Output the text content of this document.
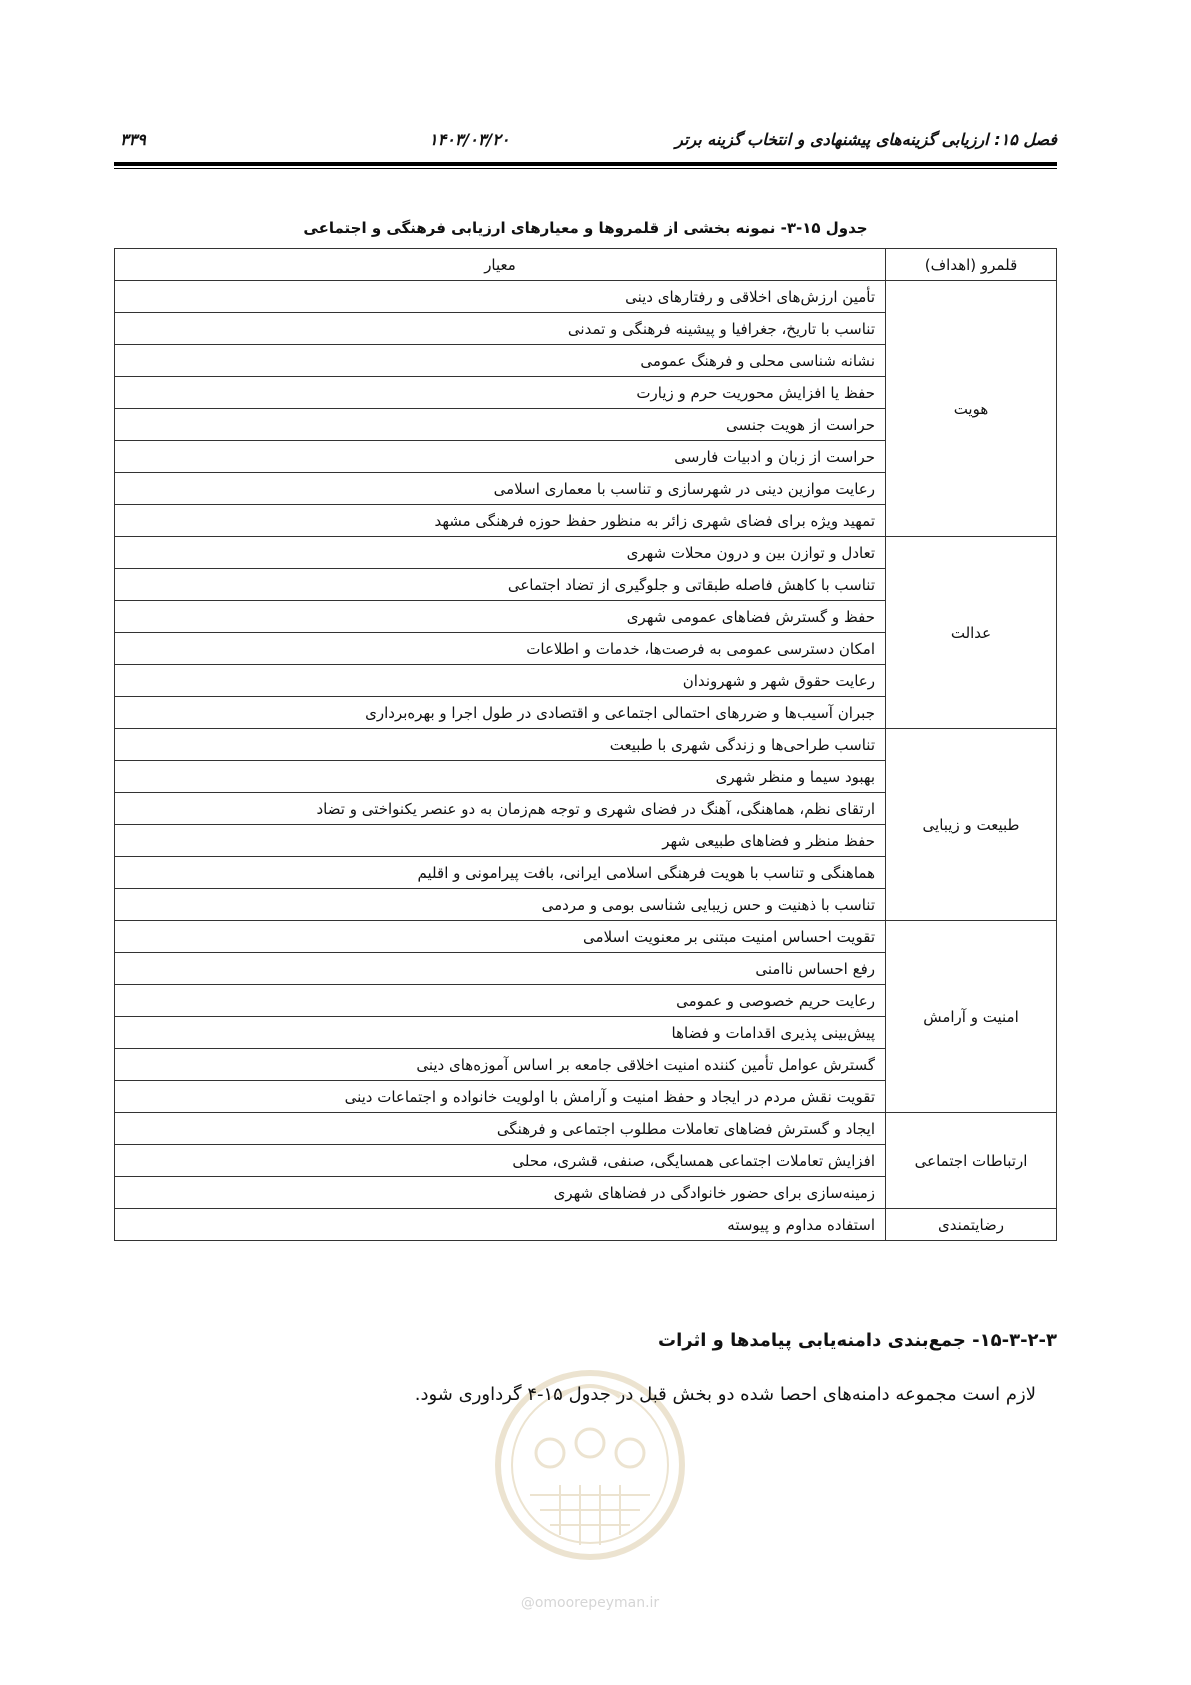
فصل ۱۵: ارزیابی گزینه‌های پیشنهادی و انتخاب گزینه برتر
۱۴۰۳/۰۳/۲۰
۳۳۹
جدول ۱۵-۳- نمونه بخشی از قلمروها و معیارهای ارزیابی فرهنگی و اجتماعی
قلمرو (اهداف)	معیار
هویت	تأمین ارزش‌های اخلاقی و رفتارهای دینی
	تناسب با تاریخ، جغرافیا و پیشینه فرهنگی و تمدنی
	نشانه شناسی محلی و فرهنگ عمومی
	حفظ یا افزایش محوریت حرم و زیارت
	حراست از هویت جنسی
	حراست از زبان و ادبیات فارسی
	رعایت موازین دینی در شهرسازی و تناسب با معماری اسلامی
	تمهید ویژه برای فضای شهری زائر به منظور حفظ حوزه فرهنگی مشهد
عدالت	تعادل و توازن بین و درون محلات شهری
	تناسب با کاهش فاصله طبقاتی و جلوگیری از تضاد اجتماعی
	حفظ و گسترش فضاهای عمومی شهری
	امکان دسترسی عمومی به فرصت‌ها، خدمات و اطلاعات
	رعایت حقوق شهر و شهروندان
	جبران آسیب‌ها و ضررهای احتمالی اجتماعی و اقتصادی در طول اجرا و بهره‌برداری
طبیعت و زیبایی	تناسب طراحی‌ها و زندگی شهری با طبیعت
	بهبود سیما و منظر شهری
	ارتقای نظم، هماهنگی، آهنگ در فضای شهری و توجه هم‌زمان به دو عنصر یکنواختی و تضاد
	حفظ منظر و فضاهای طبیعی شهر
	هماهنگی و تناسب با هویت فرهنگی اسلامی ایرانی، بافت پیرامونی و اقلیم
	تناسب با ذهنیت و حس زیبایی شناسی بومی و مردمی
امنیت و آرامش	تقویت احساس امنیت مبتنی بر معنویت اسلامی
	رفع احساس ناامنی
	رعایت حریم خصوصی و عمومی
	پیش‌بینی پذیری اقدامات و فضاها
	گسترش عوامل تأمین کننده امنیت اخلاقی جامعه بر اساس آموزه‌های دینی
	تقویت نقش مردم در ایجاد و حفظ امنیت و آرامش با اولویت خانواده و اجتماعات دینی
ارتباطات اجتماعی	ایجاد و گسترش فضاهای تعاملات مطلوب اجتماعی و فرهنگی
	افزایش تعاملات اجتماعی همسایگی، صنفی، قشری، محلی
	زمینه‌سازی برای حضور خانوادگی در فضاهای شهری
رضایتمندی	استفاده مداوم و پیوسته
@omoorepeyman.ir
۱۵-۳-۲-۳- جمع‌بندی دامنه‌یابی پیامدها و اثرات
لازم است مجموعه دامنه‌های احصا شده دو بخش قبل در جدول ۱۵-۴ گرداوری شود.
